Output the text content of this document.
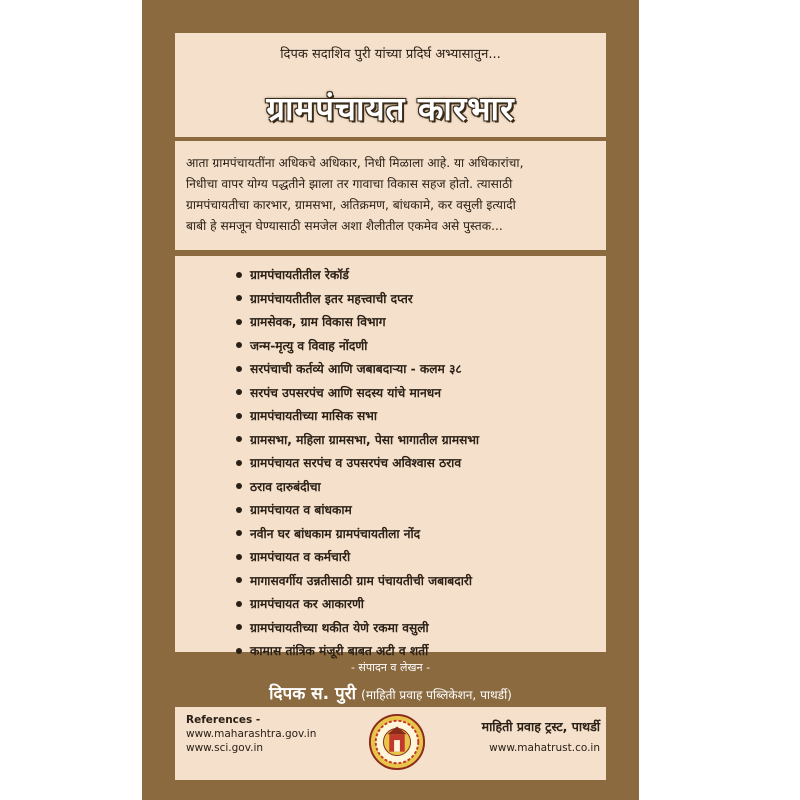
दिपक सदाशिव पुरी यांच्या प्रदिर्घ अभ्यासातुन...
ग्रामपंचायत कारभार
आता ग्रामपंचायतींना अधिकचे अधिकार, निधी मिळाला आहे. या अधिकारांचा,
निधीचा वापर योग्य पद्धतीने झाला तर गावाचा विकास सहज होतो. त्यासाठी
ग्रामपंचायतीचा कारभार, ग्रामसभा, अतिक्रमण, बांधकामे, कर वसुली इत्यादी
बाबी हे समजून घेण्यासाठी समजेल अशा शैलीतील एकमेव असे पुस्तक...
ग्रामपंचायतीतील रेकॉर्ड
ग्रामपंचायतीतील इतर महत्त्वाची दप्तर
ग्रामसेवक, ग्राम विकास विभाग
जन्म-मृत्यु व विवाह नोंदणी
सरपंचाची कर्तव्ये आणि जबाबदाऱ्या - कलम ३८
सरपंच उपसरपंच आणि सदस्य यांचे मानधन
ग्रामपंचायतीच्या मासिक सभा
ग्रामसभा, महिला ग्रामसभा, पेसा भागातील ग्रामसभा
ग्रामपंचायत सरपंच व उपसरपंच अविश्वास ठराव
ठराव दारुबंदीचा
ग्रामपंचायत व बांधकाम
नवीन घर बांधकाम ग्रामपंचायतीला नोंद
ग्रामपंचायत व कर्मचारी
मागासवर्गीय उन्नतीसाठी ग्राम पंचायतीची जबाबदारी
ग्रामपंचायत कर आकारणी
ग्रामपंचायतीच्या थकीत येणे रकमा वसुली
कामास तांत्रिक मंजूरी बाबत अटी व शर्ती
- संपादन व लेखन -
दिपक स. पुरी (माहिती प्रवाह पब्लिकेशन, पाथर्डी)
References -
www.maharashtra.gov.in
www.sci.gov.in
माहिती प्रवाह ट्रस्ट, पाथर्डी
www.mahatrust.co.in
